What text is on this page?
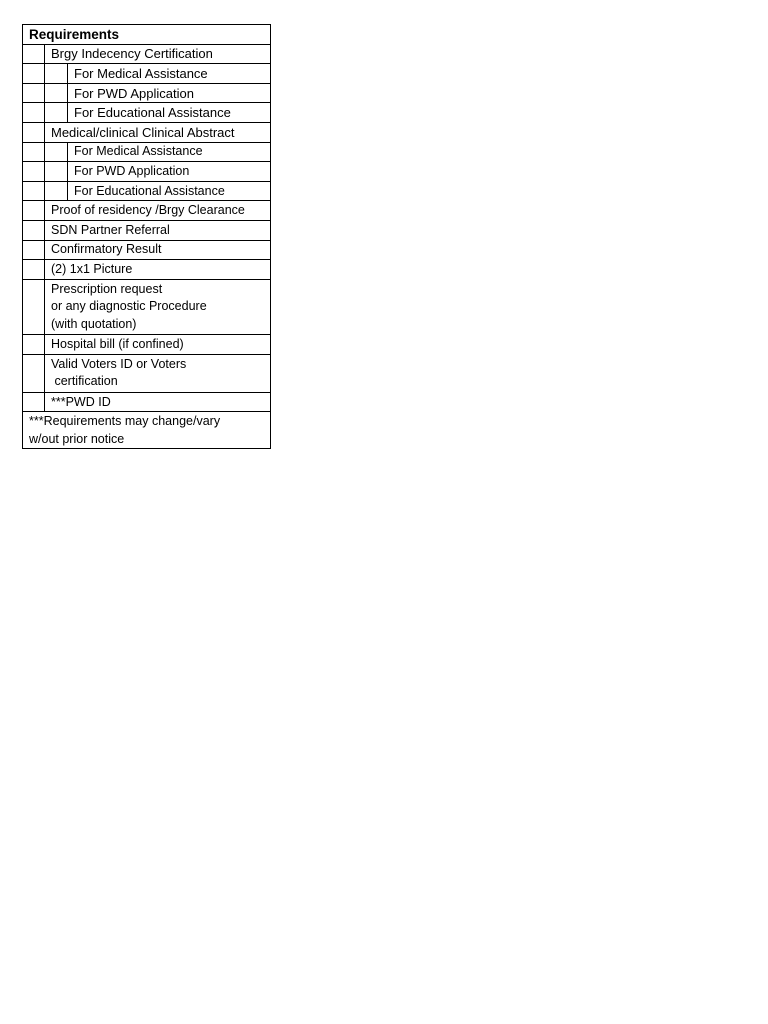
Requirements		
	Brgy Indecency Certification	
		For Medical Assistance
		For PWD Application
		For Educational Assistance
	Medical/clinical Clinical Abstract	
		For Medical Assistance
		For PWD Application
		For Educational Assistance
	Proof of residency /Brgy Clearance	
	SDN Partner Referral	
	Confirmatory Result	
	(2) 1x1 Picture	
	Prescription request
or any diagnostic Procedure
(with quotation)	
	Hospital bill (if confined)	
	Valid Voters ID or Voters
certification	
	***PWD ID	
***Requirements may change/vary
w/out prior notice		
